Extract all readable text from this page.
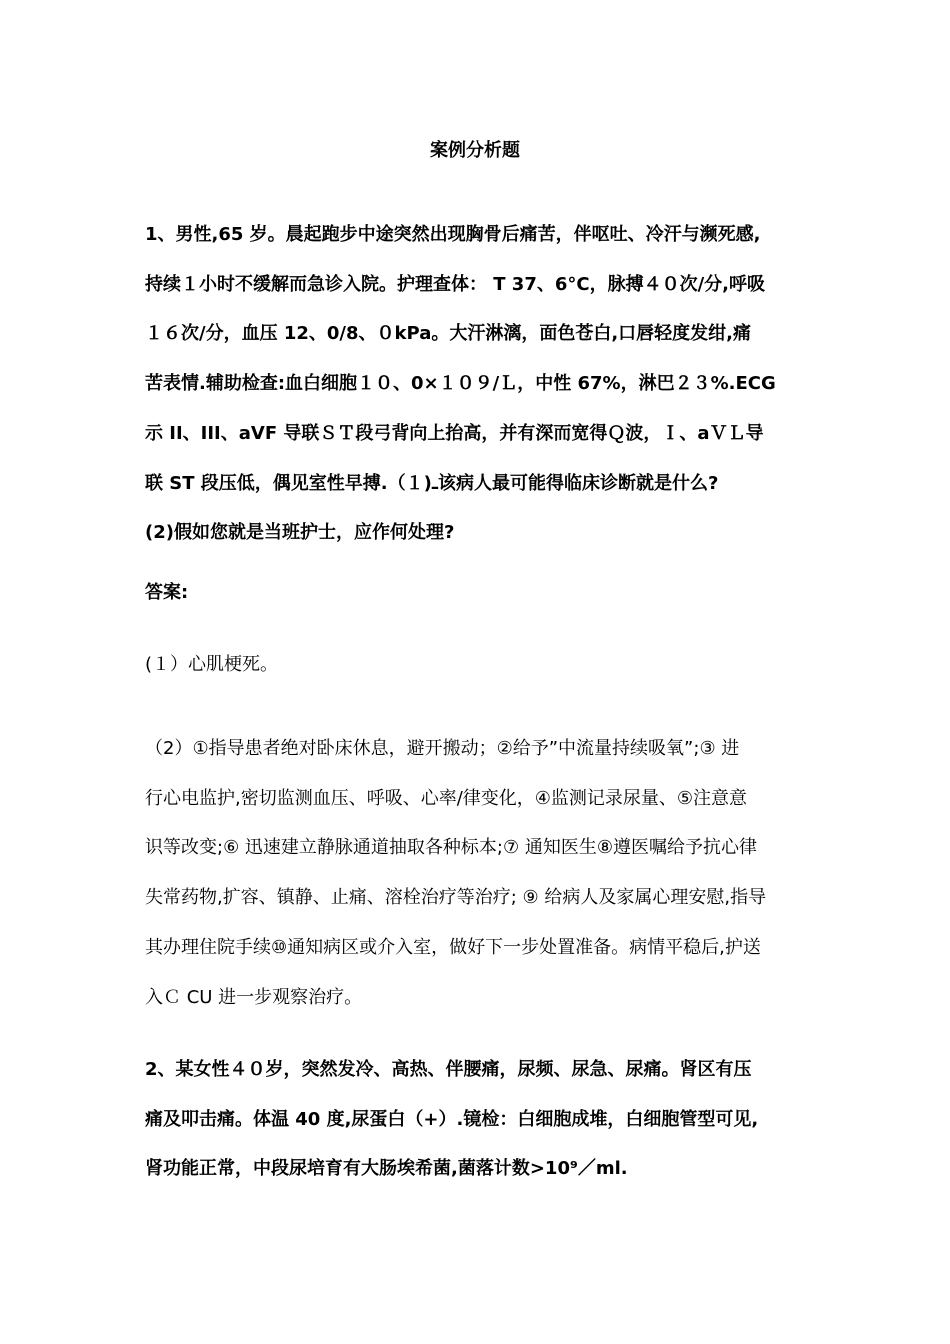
案例分析题
1、男性,65 岁。晨起跑步中途突然出现胸骨后痛苦，伴呕吐、冷汗与濒死感,
持续１小时不缓解而急诊入院。护理查体： T 37、6°C，脉搏４０次/分,呼吸
１６次/分，血压 12、0/8、０kPa。大汗淋漓，面色苍白,口唇轻度发绀,痛
苦表情.辅助检查:血白细胞１０、0×１０９/Ｌ，中性 67%，淋巴２３%.ECG
示 II、III、aVF 导联ＳＴ段弓背向上抬高，并有深而宽得Ｑ波，Ｉ、aＶＬ导
联 ST 段压低，偶见室性早搏.（１)ـ该病人最可能得临床诊断就是什么?
(2)假如您就是当班护士，应作何处理?
答案:
(１）心肌梗死。
（2）①指导患者绝对卧床休息，避开搬动；②给予”中流量持续吸氧”;③ 进
行心电监护,密切监测血压、呼吸、心率/律变化，④监测记录尿量、⑤注意意
识等改变;⑥ 迅速建立静脉通道抽取各种标本;⑦ 通知医生⑧遵医嘱给予抗心律
失常药物,扩容、镇静、止痛、溶栓治疗等治疗; ⑨ 给病人及家属心理安慰,指导
其办理住院手续⑩通知病区或介入室，做好下一步处置准备。病情平稳后,护送
入Ｃ CU 进一步观察治疗。
2、某女性４０岁，突然发冷、高热、伴腰痛，尿频、尿急、尿痛。肾区有压
痛及叩击痛。体温 40 度,尿蛋白（+）.镜检：白细胞成堆，白细胞管型可见,
肾功能正常，中段尿培育有大肠埃希菌,菌落计数>10⁹／ml.
